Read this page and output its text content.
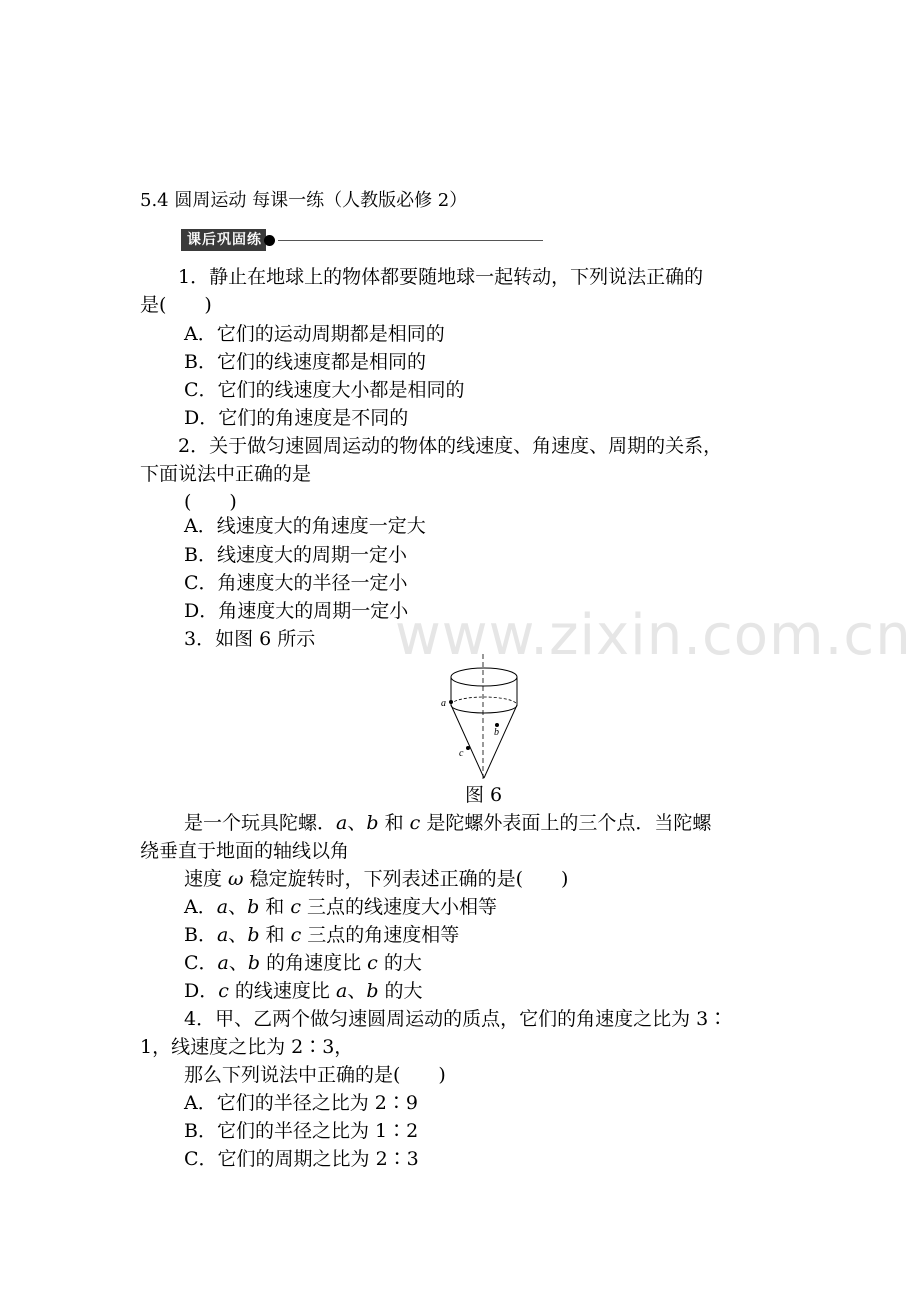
5.4 圆周运动 每课一练（人教版必修 2）
课后巩固练
www.zixin.com.cn
1．静止在地球上的物体都要随地球一起转动，下列说法正确的
是(　　)
A．它们的运动周期都是相同的
B．它们的线速度都是相同的
C．它们的线速度大小都是相同的
D．它们的角速度是不同的
2．关于做匀速圆周运动的物体的线速度、角速度、周期的关系，
下面说法中正确的是
(　　)
A．线速度大的角速度一定大
B．线速度大的周期一定小
C．角速度大的半径一定小
D．角速度大的周期一定小
3．如图 6 所示
a
b
c
图 6
是一个玩具陀螺．a、b 和 c 是陀螺外表面上的三个点．当陀螺
绕垂直于地面的轴线以角
速度 ω 稳定旋转时，下列表述正确的是(　　)
A．a、b 和 c 三点的线速度大小相等
B．a、b 和 c 三点的角速度相等
C．a、b 的角速度比 c 的大
D．c 的线速度比 a、b 的大
4．甲、乙两个做匀速圆周运动的质点，它们的角速度之比为 3∶
1，线速度之比为 2∶3，
那么下列说法中正确的是(　　)
A．它们的半径之比为 2∶9
B．它们的半径之比为 1∶2
C．它们的周期之比为 2∶3
